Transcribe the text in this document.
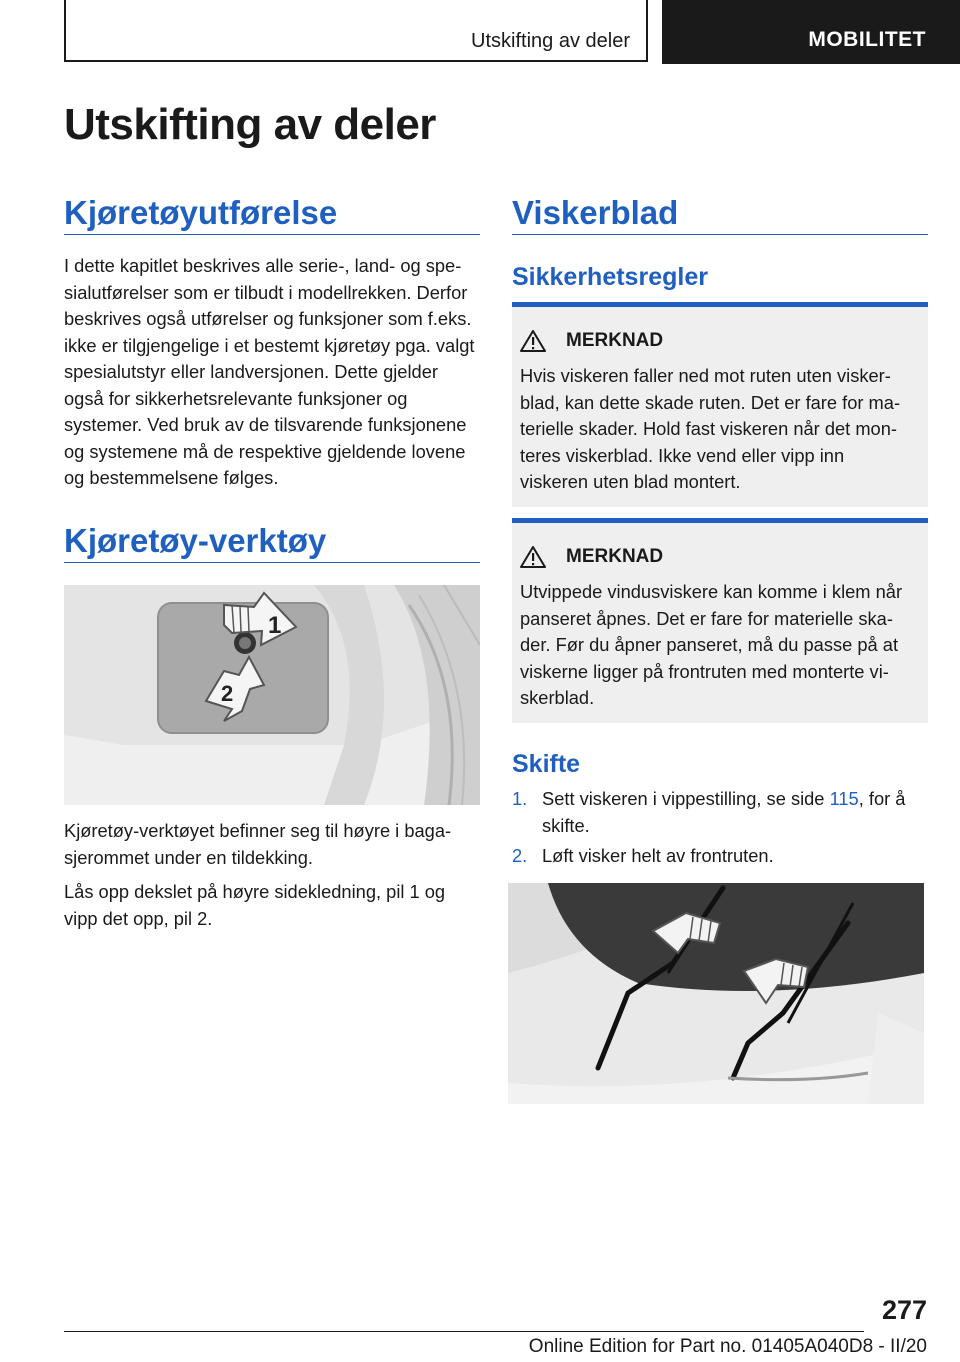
Utskifting av deler	MOBILITET
Utskifting av deler
Kjøretøyutførelse

I dette kapitlet beskrives alle serie-, land- og spesialutførelser som er tilbudt i modellrekken. Derfor beskrives også utførelser og funksjoner som f.eks. ikke er tilgjengelige i et bestemt kjøretøy pga. valgt spesialutstyr eller landversjonen. Dette gjelder også for sikkerhetsrelevante funksjoner og systemer. Ved bruk av de tilsvarende funksjonene og systemene må de respektive gjeldende lovene og bestemmelsene følges.

Kjøretøy-verktøy
1
2

Kjøretøy-verktøyet befinner seg til høyre i bagasjerommet under en tildekking.

Lås opp dekslet på høyre sidekledning, pil 1 og vipp det opp, pil 2.

Viskerblad
Sikkerhetsregler
MERKNAD
Hvis viskeren faller ned mot ruten uten viskerblad, kan dette skade ruten. Det er fare for materielle skader. Hold fast viskeren når det monteres viskerblad. Ikke vend eller vipp inn viskeren uten blad montert.
MERKNAD
Utvippede vindusviskere kan komme i klem når panseret åpnes. Det er fare for materielle skader. Før du åpner panseret, må du passe på at viskerne ligger på frontruten med monterte viskerblad.
Skifte
1. Sett viskeren i vippestilling, se side 115, for å skifte.
2. Løft visker helt av frontruten.
277
Online Edition for Part no. 01405A040D8 - II/20
